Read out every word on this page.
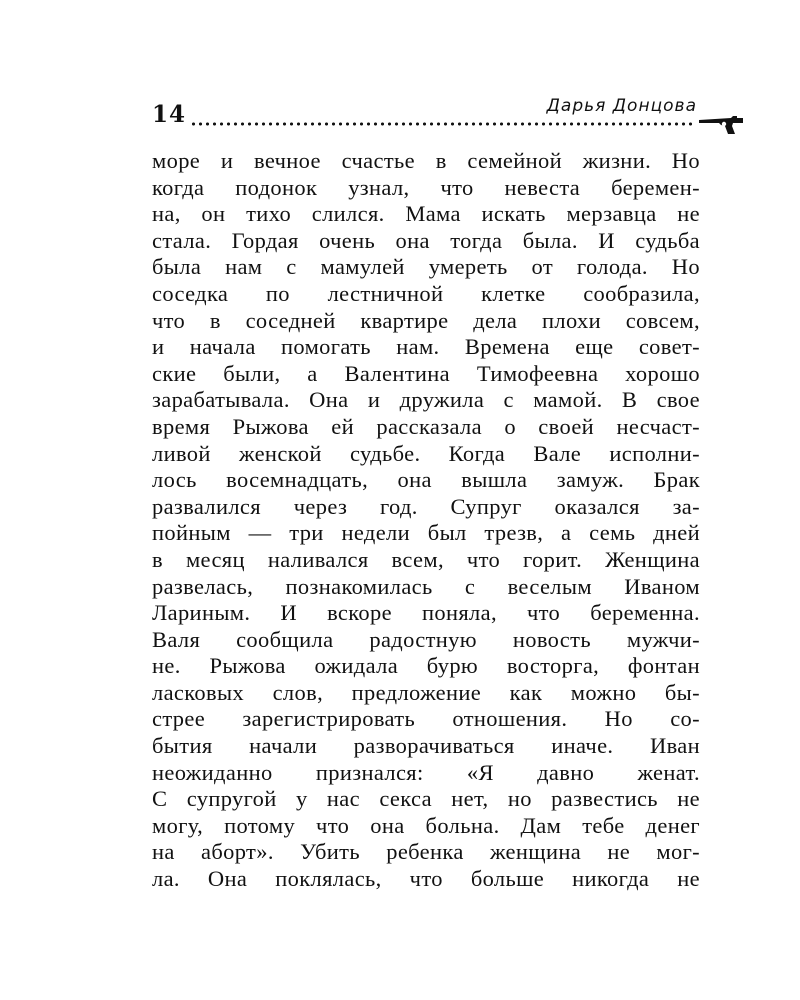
14	Дарья Донцова
море и вечное счастье в семейной жизни. Но
когда подонок узнал, что невеста беремен-
на, он тихо слился. Мама искать мерзавца не
стала. Гордая очень она тогда была. И судьба
была нам с мамулей умереть от голода. Но
соседка по лестничной клетке сообразила,
что в соседней квартире дела плохи совсем,
и начала помогать нам. Времена еще совет-
ские были, а Валентина Тимофеевна хорошо
зарабатывала. Она и дружила с мамой. В свое
время Рыжова ей рассказала о своей несчаст-
ливой женской судьбе. Когда Вале исполни-
лось восемнадцать, она вышла замуж. Брак
развалился через год. Супруг оказался за-
пойным — три недели был трезв, а семь дней
в месяц наливался всем, что горит. Женщина
развелась, познакомилась с веселым Иваном
Лариным. И вскоре поняла, что беременна.
Валя сообщила радостную новость мужчи-
не. Рыжова ожидала бурю восторга, фонтан
ласковых слов, предложение как можно бы-
стрее зарегистрировать отношения. Но со-
бытия начали разворачиваться иначе. Иван
неожиданно признался: «Я давно женат.
С супругой у нас секса нет, но развестись не
могу, потому что она больна. Дам тебе денег
на аборт». Убить ребенка женщина не мог-
ла. Она поклялась, что больше никогда не
